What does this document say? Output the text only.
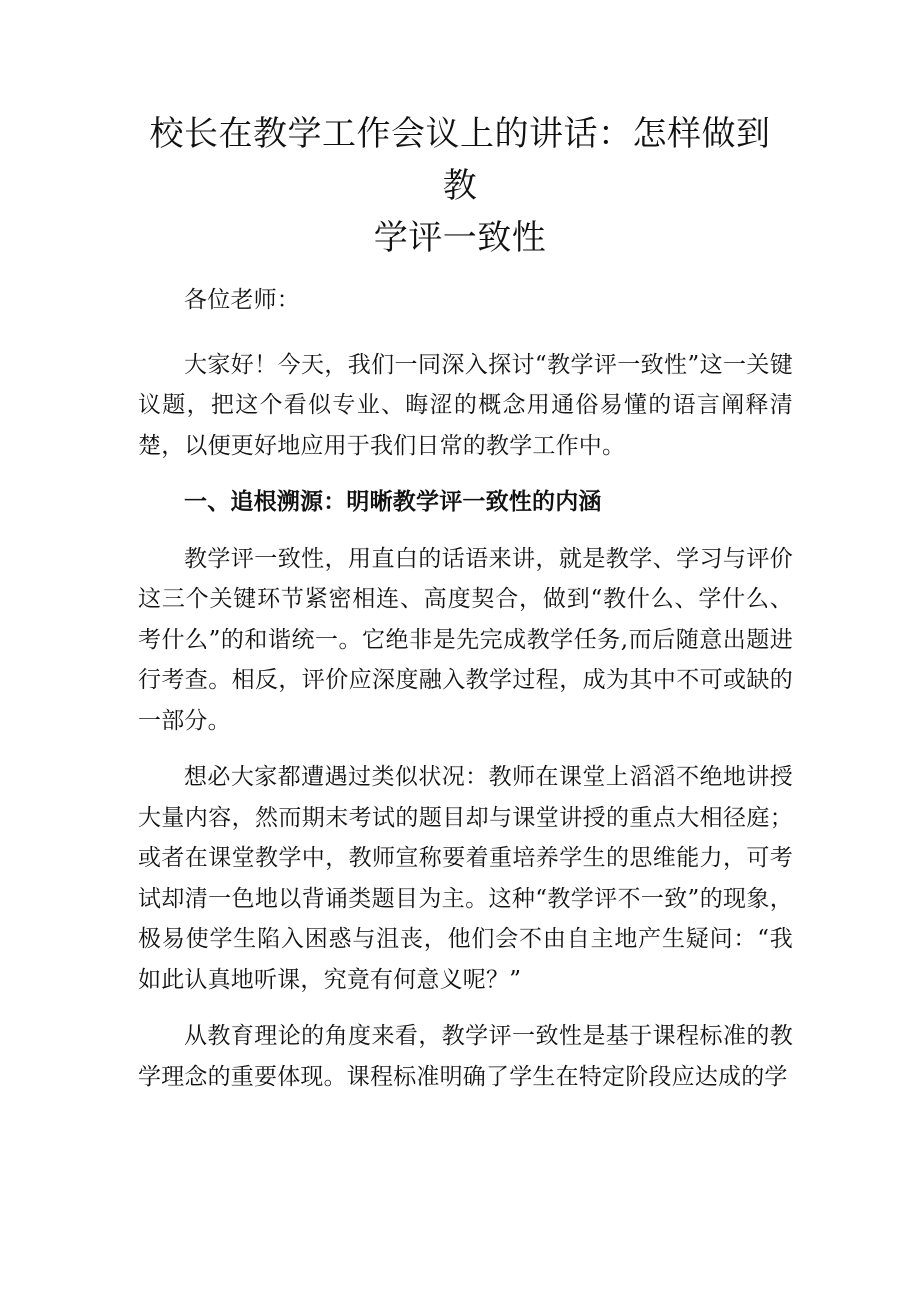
校长在教学工作会议上的讲话：怎样做到教
学评一致性

各位老师：

大家好！今天，我们一同深入探讨“教学评一致性”这一关键议题，把这个看似专业、晦涩的概念用通俗易懂的语言阐释清楚，以便更好地应用于我们日常的教学工作中。

一、追根溯源：明晰教学评一致性的内涵

教学评一致性，用直白的话语来讲，就是教学、学习与评价这三个关键环节紧密相连、高度契合，做到“教什么、学什么、考什么”的和谐统一。它绝非是先完成教学任务,而后随意出题进行考查。相反，评价应深度融入教学过程，成为其中不可或缺的一部分。

想必大家都遭遇过类似状况：教师在课堂上滔滔不绝地讲授大量内容，然而期末考试的题目却与课堂讲授的重点大相径庭；或者在课堂教学中，教师宣称要着重培养学生的思维能力，可考试却清一色地以背诵类题目为主。这种“教学评不一致”的现象，极易使学生陷入困惑与沮丧，他们会不由自主地产生疑问：“我如此认真地听课，究竟有何意义呢？”

从教育理论的角度来看，教学评一致性是基于课程标准的教学理念的重要体现。课程标准明确了学生在特定阶段应达成的学
